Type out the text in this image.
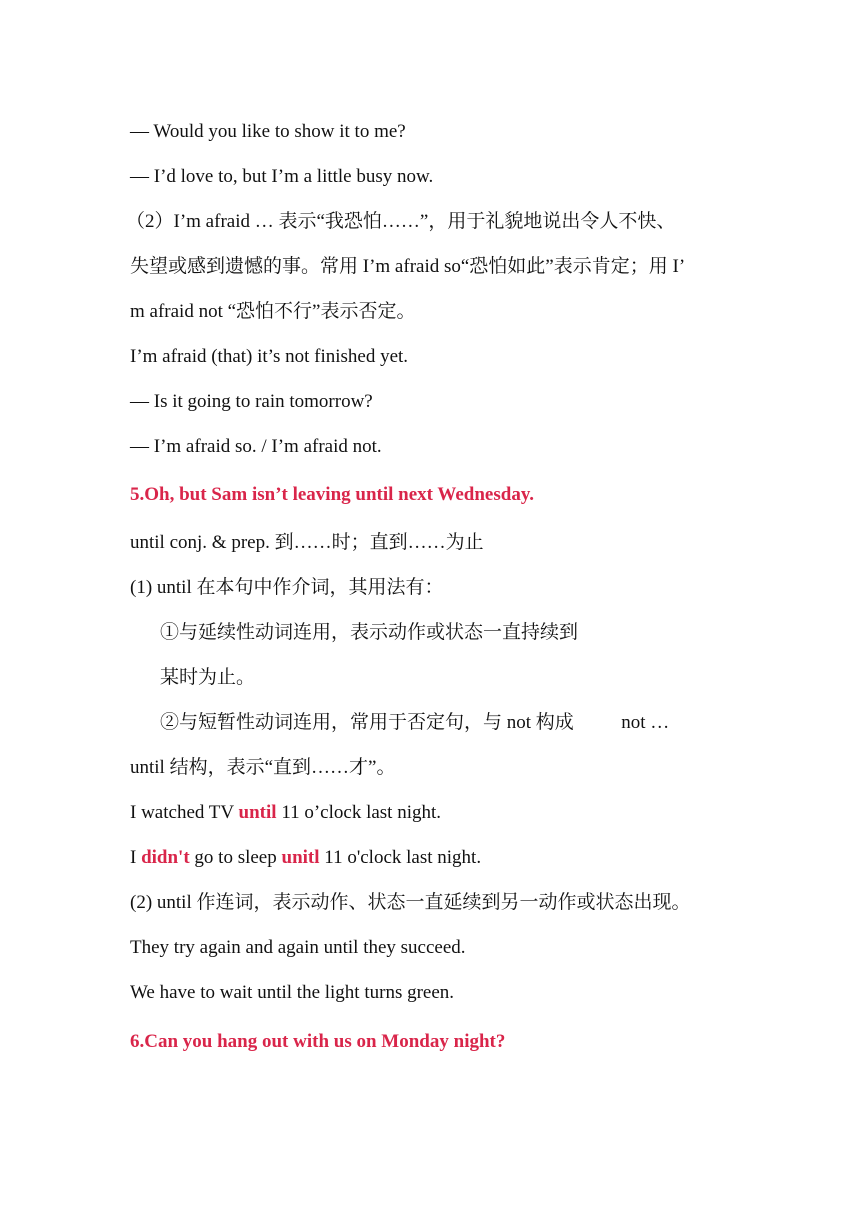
— Would you like to show it to me?
— I’d love to, but I’m a little busy now.
（2）I’m afraid … 表示“我恐怕……”，用于礼貌地说出令人不快、
失望或感到遗憾的事。常用 I’m afraid so“恐怕如此”表示肯定；用 I’
m afraid not “恐怕不行”表示否定。
I’m afraid (that) it’s not finished yet.
— Is it going to rain tomorrow?
— I’m afraid so. / I’m afraid not.
5.Oh, but Sam isn’t leaving until next Wednesday.
until conj. & prep. 到……时；直到……为止
(1) until 在本句中作介词，其用法有：
①与延续性动词连用，表示动作或状态一直持续到
某时为止。
②与短暂性动词连用，常用于否定句，与 not 构成          not …
until 结构，表示“直到……才”。
I watched TV until 11 o’clock last night.
I didn't go to sleep unitl 11 o'clock last night.
(2) until 作连词，表示动作、状态一直延续到另一动作或状态出现。
They try again and again until they succeed.
We have to wait until the light turns green.
6.Can you hang out with us on Monday night?
